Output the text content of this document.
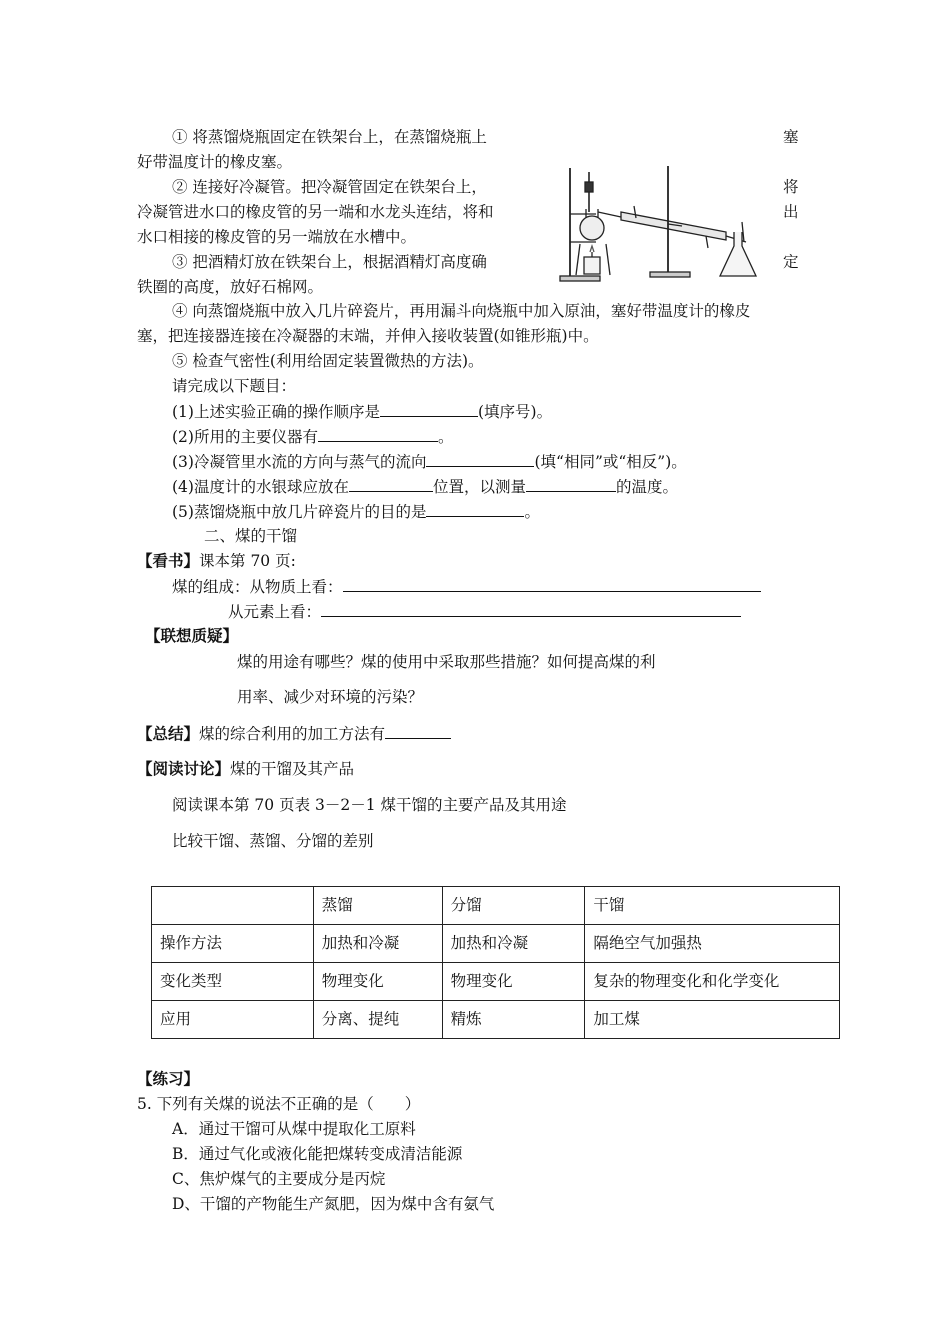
① 将蒸馏烧瓶固定在铁架台上，在蒸馏烧瓶上	塞
好带温度计的橡皮塞。
② 连接好冷凝管。把冷凝管固定在铁架台上，	将
冷凝管进水口的橡皮管的另一端和水龙头连结，将和	出
水口相接的橡皮管的另一端放在水槽中。
③ 把酒精灯放在铁架台上，根据酒精灯高度确	定
铁圈的高度，放好石棉网。
④ 向蒸馏烧瓶中放入几片碎瓷片，再用漏斗向烧瓶中加入原油，塞好带温度计的橡皮
塞，把连接器连接在冷凝器的末端，并伸入接收装置(如锥形瓶)中。
⑤ 检查气密性(利用给固定装置微热的方法)。
请完成以下题目：
(1)上述实验正确的操作顺序是	(填序号)。
(2)所用的主要仪器有	。
(3)冷凝管里水流的方向与蒸气的流向	(填“相同”或“相反”)。
(4)温度计的水银球应放在	位置，以测量	的温度。
(5)蒸馏烧瓶中放几片碎瓷片的目的是	。
二、煤的干馏
【看书】课本第 70 页:
煤的组成：从物质上看：
从元素上看：
【联想质疑】
煤的用途有哪些？煤的使用中采取那些措施？如何提高煤的利
用率、减少对环境的污染？
【总结】煤的综合利用的加工方法有
【阅读讨论】煤的干馏及其产品
阅读课本第 70 页表 3－2－1 煤干馏的主要产品及其用途
比较干馏、蒸馏、分馏的差别
	蒸馏	分馏	干馏
操作方法	加热和冷凝	加热和冷凝	隔绝空气加强热
变化类型	物理变化	物理变化	复杂的物理变化和化学变化
应用	分离、提纯	精炼	加工煤
【练习】
5. 下列有关煤的说法不正确的是（　　）
A．通过干馏可从煤中提取化工原料
B．通过气化或液化能把煤转变成清洁能源
C、焦炉煤气的主要成分是丙烷
D、干馏的产物能生产氮肥，因为煤中含有氨气
